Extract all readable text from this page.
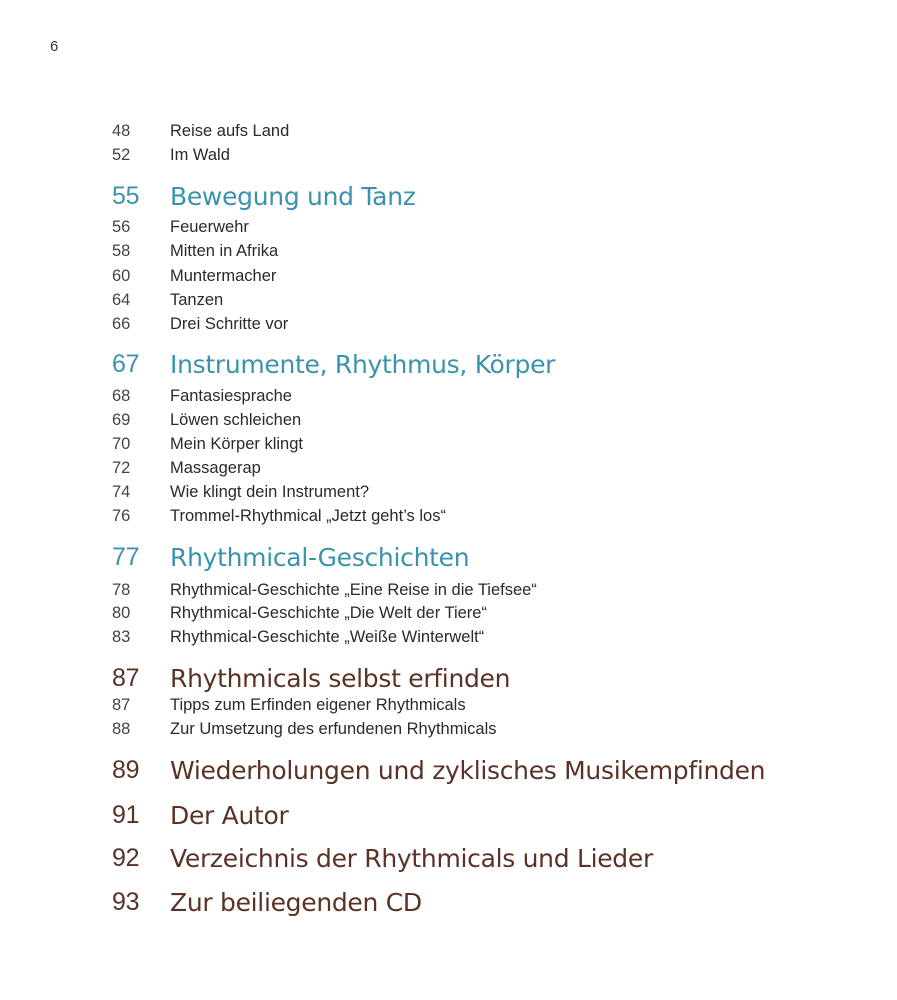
6
48 Reise aufs Land
52 Im Wald
55 Bewegung und Tanz
56 Feuerwehr
58 Mitten in Afrika
60 Muntermacher
64 Tanzen
66 Drei Schritte vor
67 Instrumente, Rhythmus, Körper
68 Fantasiesprache
69 Löwen schleichen
70 Mein Körper klingt
72 Massagerap
74 Wie klingt dein Instrument?
76 Trommel-Rhythmical „Jetzt geht’s los“
77 Rhythmical-Geschichten
78 Rhythmical-Geschichte „Eine Reise in die Tiefsee“
80 Rhythmical-Geschichte „Die Welt der Tiere“
83 Rhythmical-Geschichte „Weiße Winterwelt“
87 Rhythmicals selbst erfinden
87 Tipps zum Erfinden eigener Rhythmicals
88 Zur Umsetzung des erfundenen Rhythmicals
89 Wiederholungen und zyklisches Musikempfinden
91 Der Autor
92 Verzeichnis der Rhythmicals und Lieder
93 Zur beiliegenden CD
